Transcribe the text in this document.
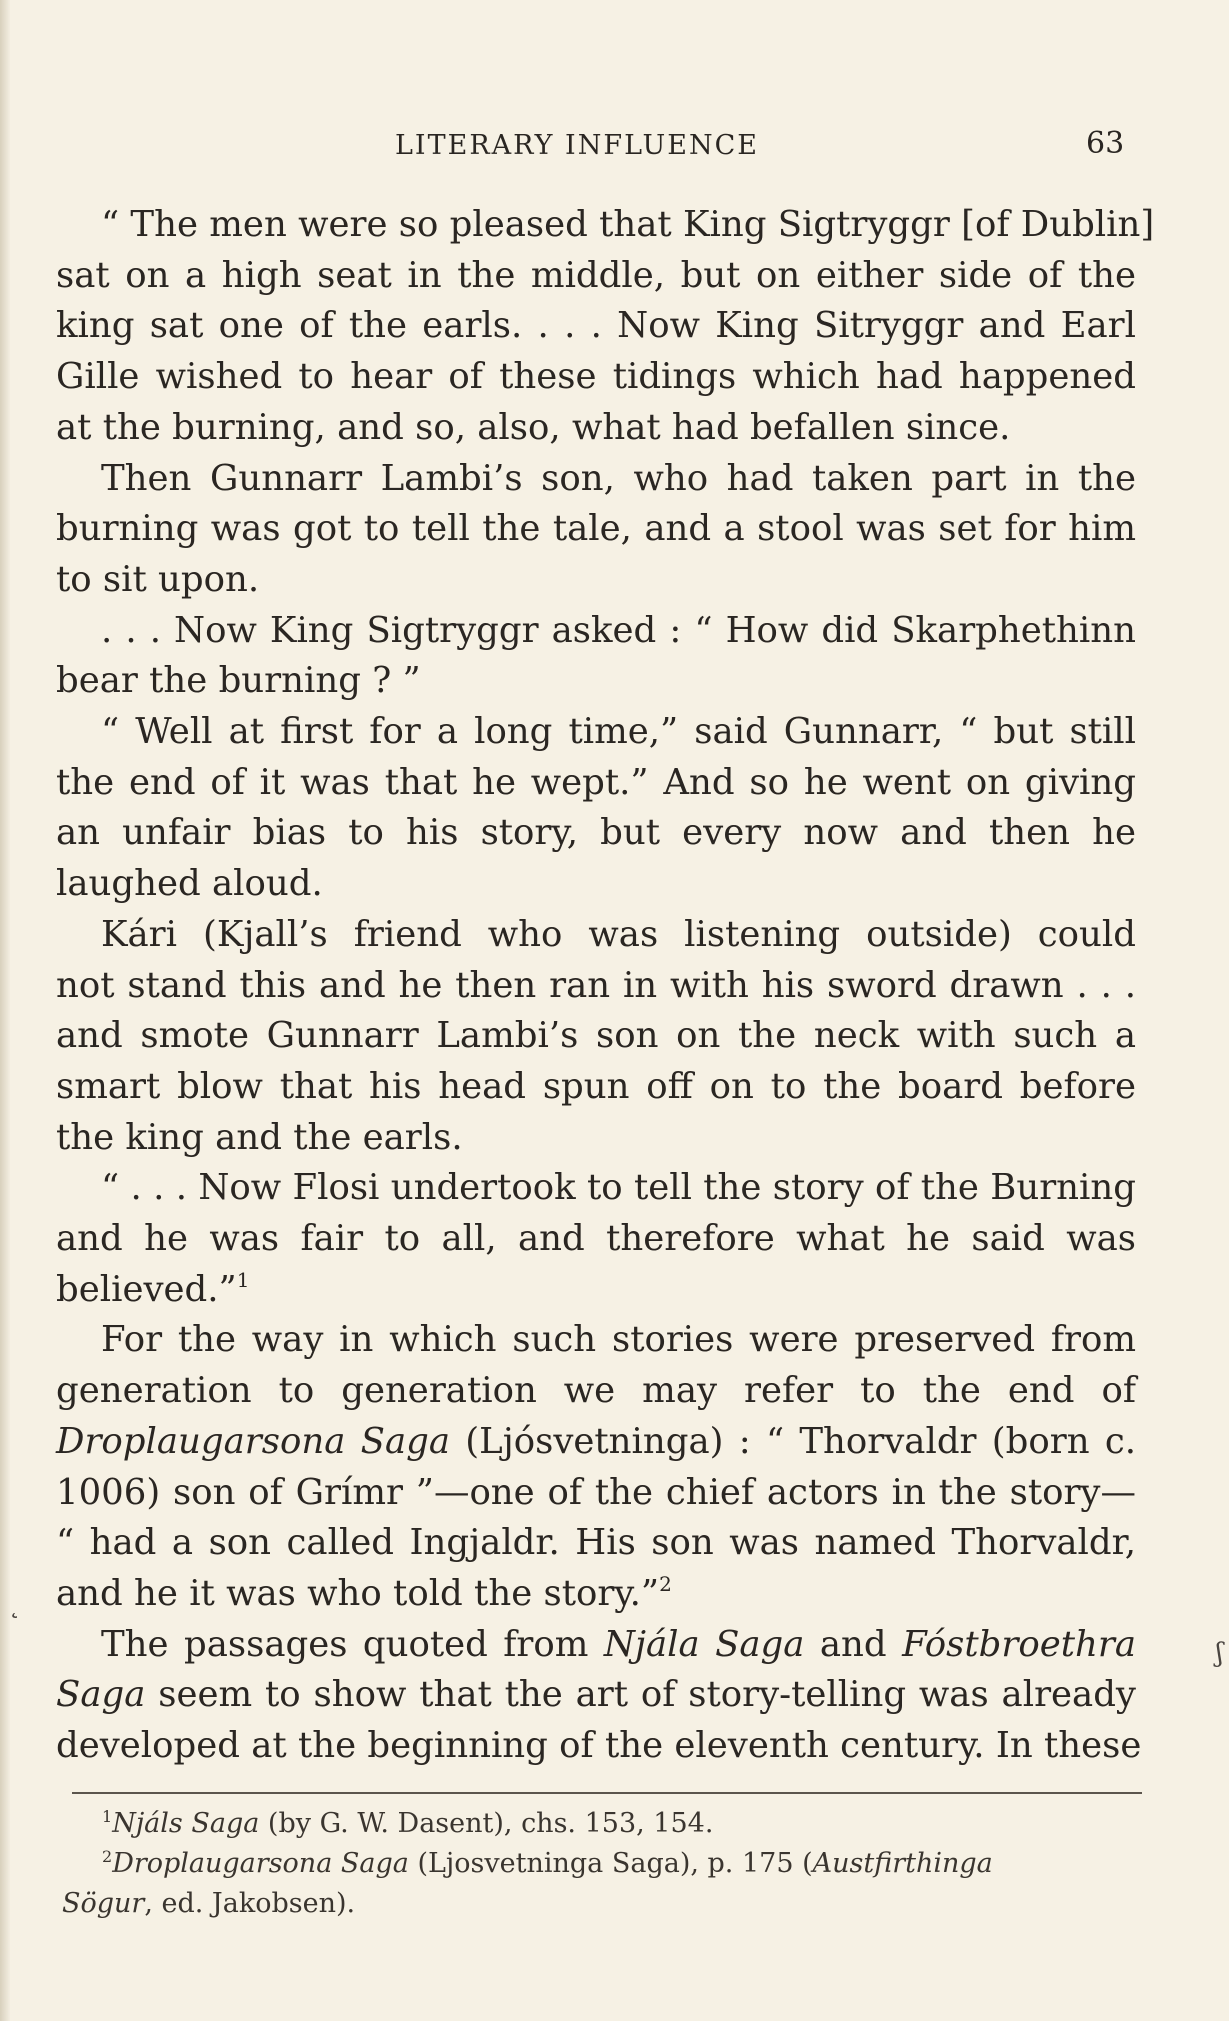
LITERARY INFLUENCE	63
“ The men were so pleased that King Sigtryggr [of Dublin]
sat on a high seat in the middle, but on either side of the
king sat one of the earls. . . . Now King Sitryggr and Earl
Gille wished to hear of these tidings which had happened
at the burning, and so, also, what had befallen since.
Then Gunnarr Lambi’s son, who had taken part in the
burning was got to tell the tale, and a stool was set for him
to sit upon.
. . . Now King Sigtryggr asked : “ How did Skarphethinn
bear the burning ? ”
“ Well at first for a long time,” said Gunnarr, “ but still
the end of it was that he wept.” And so he went on giving
an unfair bias to his story, but every now and then he
laughed aloud.
Kári (Kjall’s friend who was listening outside) could
not stand this and he then ran in with his sword drawn . . .
and smote Gunnarr Lambi’s son on the neck with such a
smart blow that his head spun off on to the board before
the king and the earls.
“ . . . Now Flosi undertook to tell the story of the Burning
and he was fair to all, and therefore what he said was
believed.”$^1$
For the way in which such stories were preserved from
generation to generation we may refer to the end of
Droplaugarsona Saga (Ljósvetninga) : “ Thorvaldr (born c.
1006) son of Grímr ”—one of the chief actors in the story—
“ had a son called Ingjaldr. His son was named Thorvaldr,
and he it was who told the story.”$^2$
The passages quoted from Njála Saga and Fóstbroethra
Saga seem to show that the art of story-telling was already
developed at the beginning of the eleventh century. In these
ʃ
˛
$^1$Njáls Saga (by G. W. Dasent), chs. 153, 154.
$^2$Droplaugarsona Saga (Ljosvetninga Saga), p. 175 (Austfirthinga
Sögur, ed. Jakobsen).
